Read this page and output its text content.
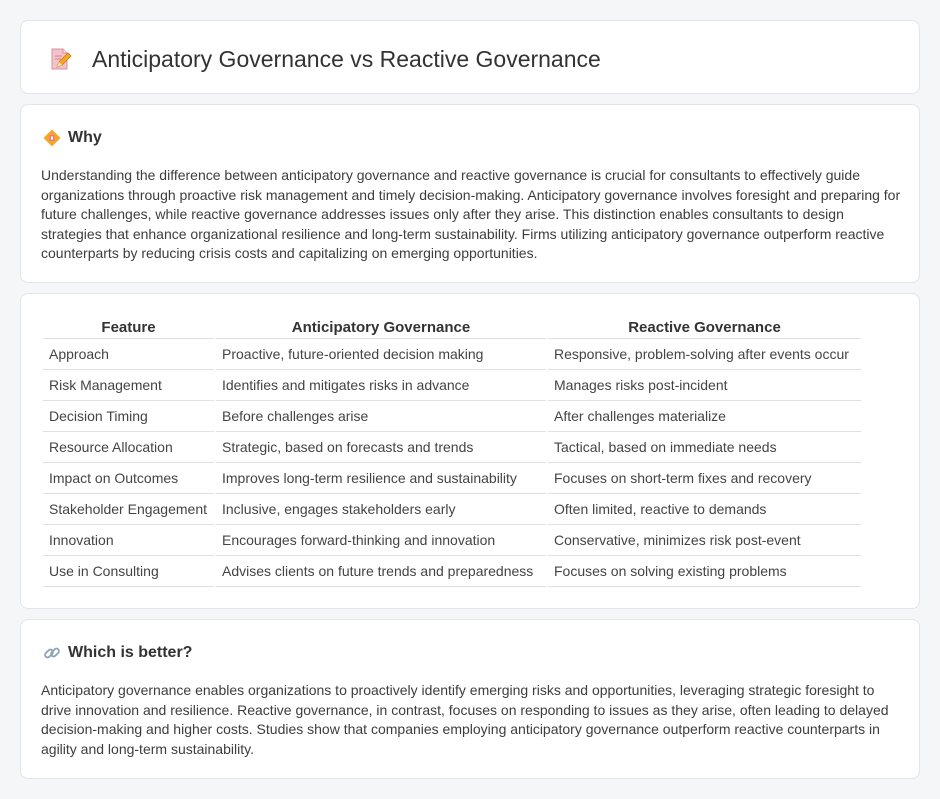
Anticipatory Governance vs Reactive Governance
Why

Understanding the difference between anticipatory governance and reactive governance is crucial for consultants to effectively guide organizations through proactive risk management and timely decision-making. Anticipatory governance involves foresight and preparing for future challenges, while reactive governance addresses issues only after they arise. This distinction enables consultants to design strategies that enhance organizational resilience and long-term sustainability. Firms utilizing anticipatory governance outperform reactive counterparts by reducing crisis costs and capitalizing on emerging opportunities.

Feature	Anticipatory Governance	Reactive Governance
Approach	Proactive, future-oriented decision making	Responsive, problem-solving after events occur
Risk Management	Identifies and mitigates risks in advance	Manages risks post-incident
Decision Timing	Before challenges arise	After challenges materialize
Resource Allocation	Strategic, based on forecasts and trends	Tactical, based on immediate needs
Impact on Outcomes	Improves long-term resilience and sustainability	Focuses on short-term fixes and recovery
Stakeholder Engagement	Inclusive, engages stakeholders early	Often limited, reactive to demands
Innovation	Encourages forward-thinking and innovation	Conservative, minimizes risk post-event
Use in Consulting	Advises clients on future trends and preparedness	Focuses on solving existing problems
Which is better?

Anticipatory governance enables organizations to proactively identify emerging risks and opportunities, leveraging strategic foresight to drive innovation and resilience. Reactive governance, in contrast, focuses on responding to issues as they arise, often leading to delayed decision-making and higher costs. Studies show that companies employing anticipatory governance outperform reactive counterparts in agility and long-term sustainability.
